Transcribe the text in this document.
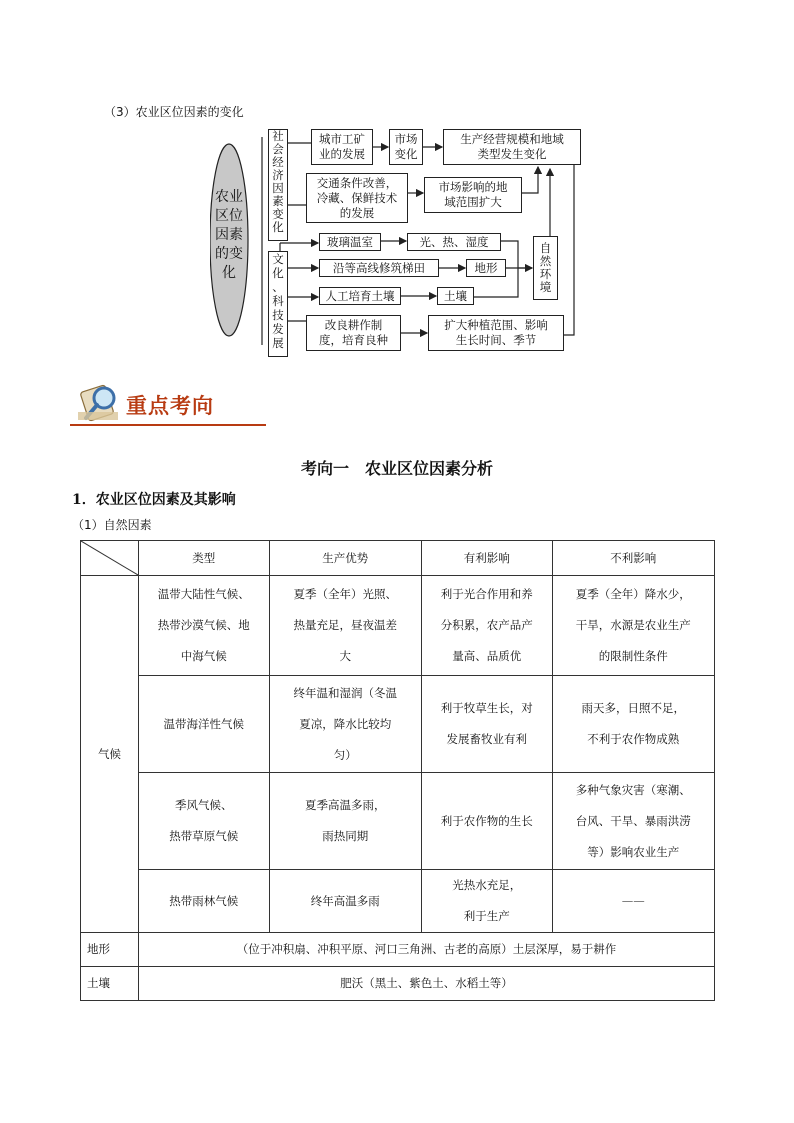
（3）农业区位因素的变化
农业
区位
因素
的变
化
社
会
经
济
因
素
变
化
文
化
、
科
技
发
展
城市工矿
业的发展
市场
变化
生产经营规模和地域
类型发生变化
交通条件改善，
冷藏、保鲜技术
的发展
市场影响的地
域范围扩大
玻璃温室	光、热、湿度
沿等高线修筑梯田	地形
人工培育土壤	土壤
自
然
环
境
改良耕作制
度，培育良种
扩大种植范围、影响
生长时间、季节
重点考向
考向一　农业区位因素分析
1．农业区位因素及其影响
（1）自然因素
	类型	生产优势	有利影响	不利影响
气候	温带大陆性气候、
热带沙漠气候、地
中海气候	夏季（全年）光照、
热量充足，昼夜温差
大	利于光合作用和养
分积累，农产品产
量高、品质优	夏季（全年）降水少，
干旱，水源是农业生产
的限制性条件
	温带海洋性气候	终年温和湿润（冬温
夏凉，降水比较均
匀）	利于牧草生长，对
发展畜牧业有利	雨天多，日照不足，
不利于农作物成熟
	季风气候、
热带草原气候	夏季高温多雨，
雨热同期	利于农作物的生长	多种气象灾害（寒潮、
台风、干旱、暴雨洪涝
等）影响农业生产
	热带雨林气候	终年高温多雨	光热水充足，
利于生产	——
地形	（位于冲积扇、冲积平原、河口三角洲、古老的高原）土层深厚，易于耕作			
土壤	肥沃（黑土、紫色土、水稻土等）			
